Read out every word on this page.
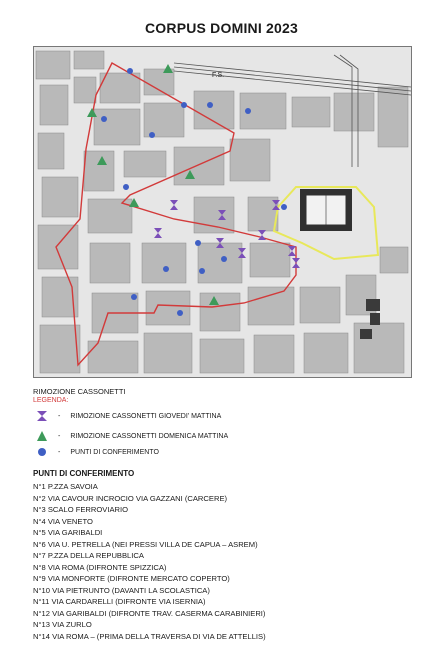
CORPUS DOMINI 2023
F.S.
RIMOZIONE CASSONETTI
LEGENDA:
- RIMOZIONE CASSONETTI GIOVEDI' MATTINA
- RIMOZIONE CASSONETTI DOMENICA MATTINA
- PUNTI DI CONFERIMENTO
PUNTI DI CONFERIMENTO
N°1 P.ZZA SAVOIA
N°2 VIA CAVOUR INCROCIO VIA GAZZANI (CARCERE)
N°3 SCALO FERROVIARIO
N°4 VIA VENETO
N°5 VIA GARIBALDI
N°6 VIA U. PETRELLA (NEI PRESSI VILLA DE CAPUA – ASREM)
N°7 P.ZZA DELLA REPUBBLICA
N°8 VIA ROMA (DIFRONTE SPIZZICA)
N°9 VIA MONFORTE (DIFRONTE MERCATO COPERTO)
N°10 VIA PIETRUNTO (DAVANTI LA SCOLASTICA)
N°11 VIA CARDARELLI (DIFRONTE VIA ISERNIA)
N°12 VIA GARIBALDI (DIFRONTE TRAV. CASERMA CARABINIERI)
N°13 VIA ZURLO
N°14 VIA ROMA – (PRIMA DELLA TRAVERSA DI VIA DE ATTELLIS)
